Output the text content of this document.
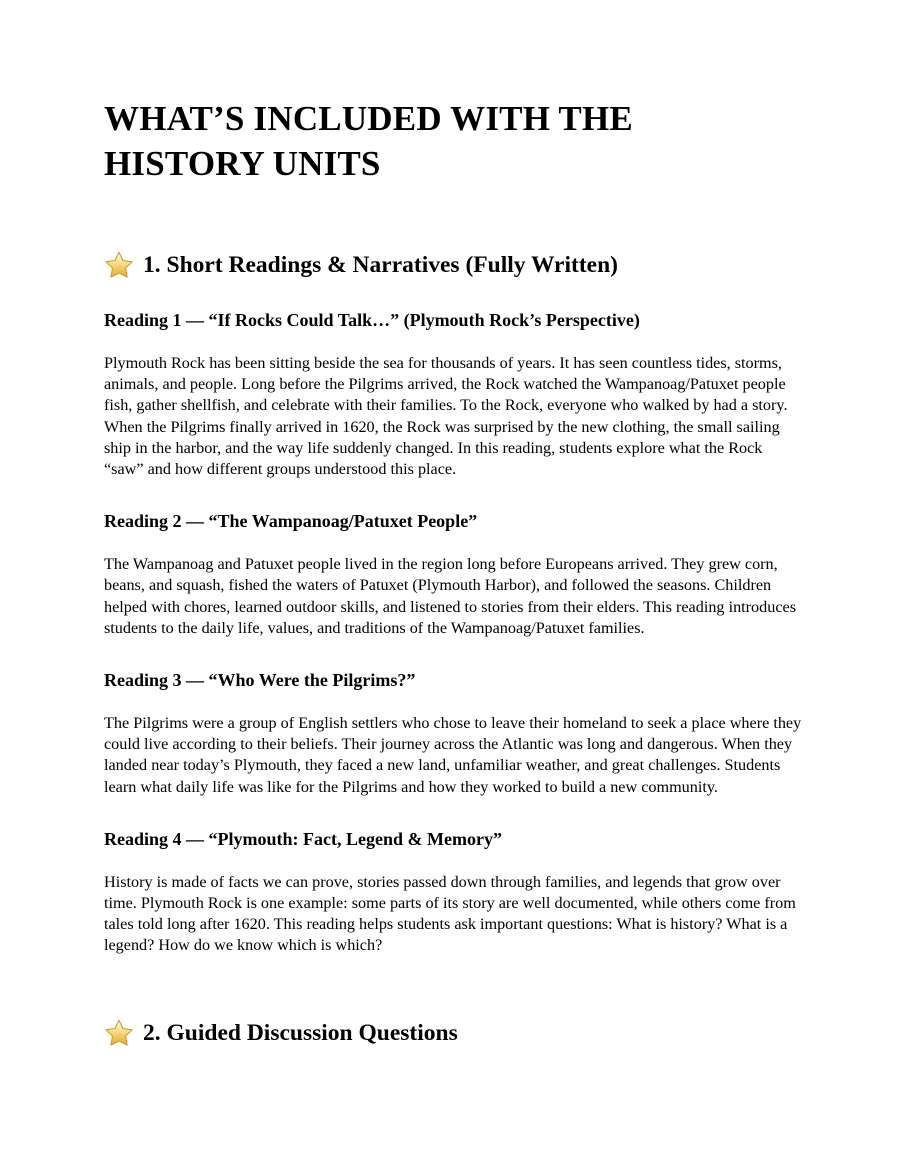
WHAT’S INCLUDED WITH THE HISTORY UNITS
1. Short Readings & Narratives (Fully Written)
Reading 1 — “If Rocks Could Talk…” (Plymouth Rock’s Perspective)

Plymouth Rock has been sitting beside the sea for thousands of years. It has seen countless tides, storms, animals, and people. Long before the Pilgrims arrived, the Rock watched the Wampanoag/Patuxet people fish, gather shellfish, and celebrate with their families. To the Rock, everyone who walked by had a story. When the Pilgrims finally arrived in 1620, the Rock was surprised by the new clothing, the small sailing ship in the harbor, and the way life suddenly changed. In this reading, students explore what the Rock “saw” and how different groups understood this place.

Reading 2 — “The Wampanoag/Patuxet People”

The Wampanoag and Patuxet people lived in the region long before Europeans arrived. They grew corn, beans, and squash, fished the waters of Patuxet (Plymouth Harbor), and followed the seasons. Children helped with chores, learned outdoor skills, and listened to stories from their elders. This reading introduces students to the daily life, values, and traditions of the Wampanoag/Patuxet families.

Reading 3 — “Who Were the Pilgrims?”

The Pilgrims were a group of English settlers who chose to leave their homeland to seek a place where they could live according to their beliefs. Their journey across the Atlantic was long and dangerous. When they landed near today’s Plymouth, they faced a new land, unfamiliar weather, and great challenges. Students learn what daily life was like for the Pilgrims and how they worked to build a new community.

Reading 4 — “Plymouth: Fact, Legend & Memory”

History is made of facts we can prove, stories passed down through families, and legends that grow over time. Plymouth Rock is one example: some parts of its story are well documented, while others come from tales told long after 1620. This reading helps students ask important questions: What is history? What is a legend? How do we know which is which?

2. Guided Discussion Questions
